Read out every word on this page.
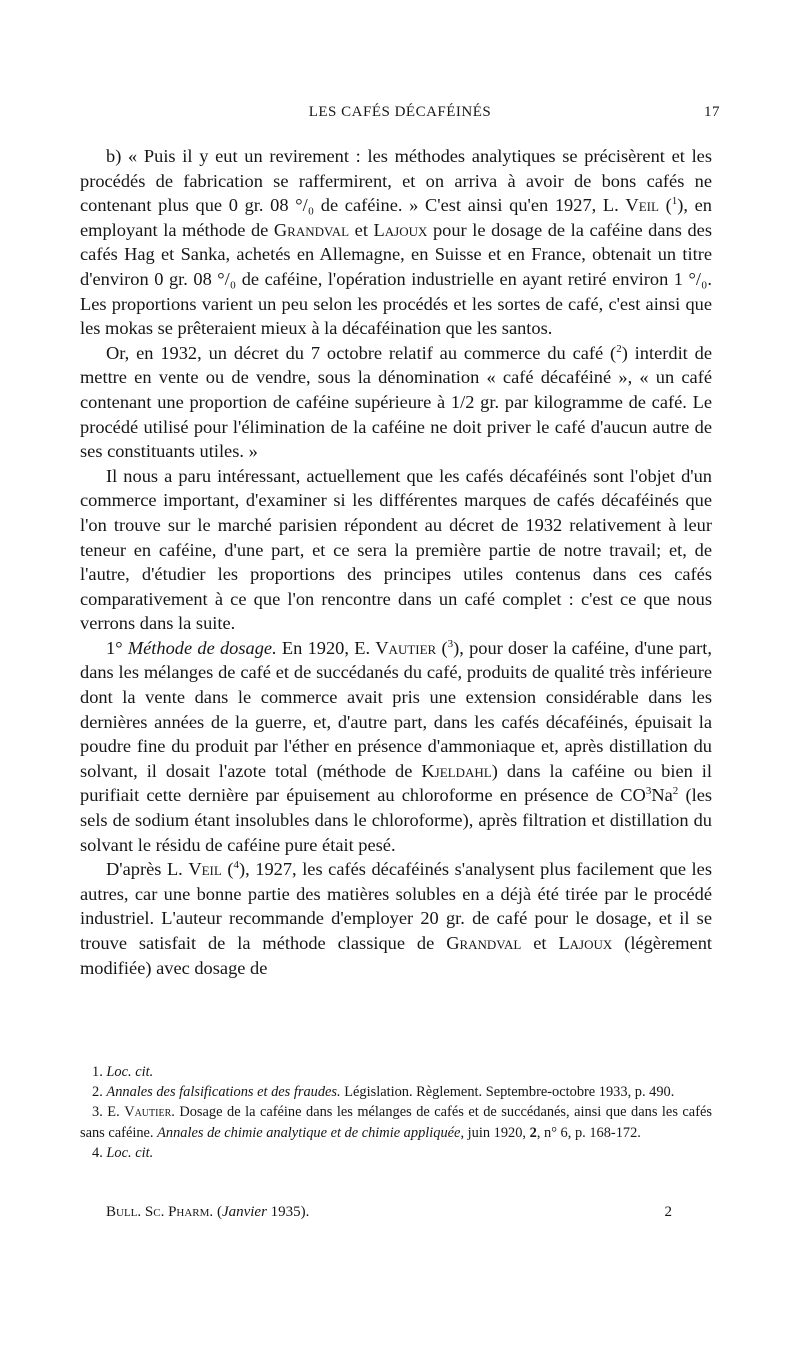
LES CAFÉS DÉCAFÉINÉS	17

b) « Puis il y eut un revirement : les méthodes analytiques se précisèrent et les procédés de fabrication se raffermirent, et on arriva à avoir de bons cafés ne contenant plus que 0 gr. 08 °/₀ de caféine. » C'est ainsi qu'en 1927, L. Veil ($^1$), en employant la méthode de Grandval et Lajoux pour le dosage de la caféine dans des cafés Hag et Sanka, achetés en Allemagne, en Suisse et en France, obtenait un titre d'environ 0 gr. 08 °/₀ de caféine, l'opération industrielle en ayant retiré environ 1 °/₀. Les proportions varient un peu selon les procédés et les sortes de café, c'est ainsi que les mokas se prêteraient mieux à la décaféination que les santos.

Or, en 1932, un décret du 7 octobre relatif au commerce du café ($^2$) interdit de mettre en vente ou de vendre, sous la dénomination « café décaféiné », « un café contenant une proportion de caféine supérieure à 1/2 gr. par kilogramme de café. Le procédé utilisé pour l'élimination de la caféine ne doit priver le café d'aucun autre de ses constituants utiles. »

Il nous a paru intéressant, actuellement que les cafés décaféinés sont l'objet d'un commerce important, d'examiner si les différentes marques de cafés décaféinés que l'on trouve sur le marché parisien répondent au décret de 1932 relativement à leur teneur en caféine, d'une part, et ce sera la première partie de notre travail; et, de l'autre, d'étudier les proportions des principes utiles contenus dans ces cafés comparativement à ce que l'on rencontre dans un café complet : c'est ce que nous verrons dans la suite.

1° Méthode de dosage. En 1920, E. Vautier ($^3$), pour doser la caféine, d'une part, dans les mélanges de café et de succédanés du café, produits de qualité très inférieure dont la vente dans le commerce avait pris une extension considérable dans les dernières années de la guerre, et, d'autre part, dans les cafés décaféinés, épuisait la poudre fine du produit par l'éther en présence d'ammoniaque et, après distillation du solvant, il dosait l'azote total (méthode de Kjeldahl) dans la caféine ou bien il purifiait cette dernière par épuisement au chloroforme en présence de $CO^3Na^2$ (les sels de sodium étant insolubles dans le chloroforme), après filtration et distillation du solvant le résidu de caféine pure était pesé.

D'après L. Veil ($^4$), 1927, les cafés décaféinés s'analysent plus facilement que les autres, car une bonne partie des matières solubles en a déjà été tirée par le procédé industriel. L'auteur recommande d'employer 20 gr. de café pour le dosage, et il se trouve satisfait de la méthode classique de Grandval et Lajoux (légèrement modifiée) avec dosage de

1. Loc. cit.

2. Annales des falsifications et des fraudes. Législation. Règlement. Septembre-octobre 1933, p. 490.

3. E. Vautier. Dosage de la caféine dans les mélanges de cafés et de succédanés, ainsi que dans les cafés sans caféine. Annales de chimie analytique et de chimie appliquée, juin 1920, 2, n° 6, p. 168-172.

4. Loc. cit.

Bull. Sc. Pharm. (Janvier 1935).	2
